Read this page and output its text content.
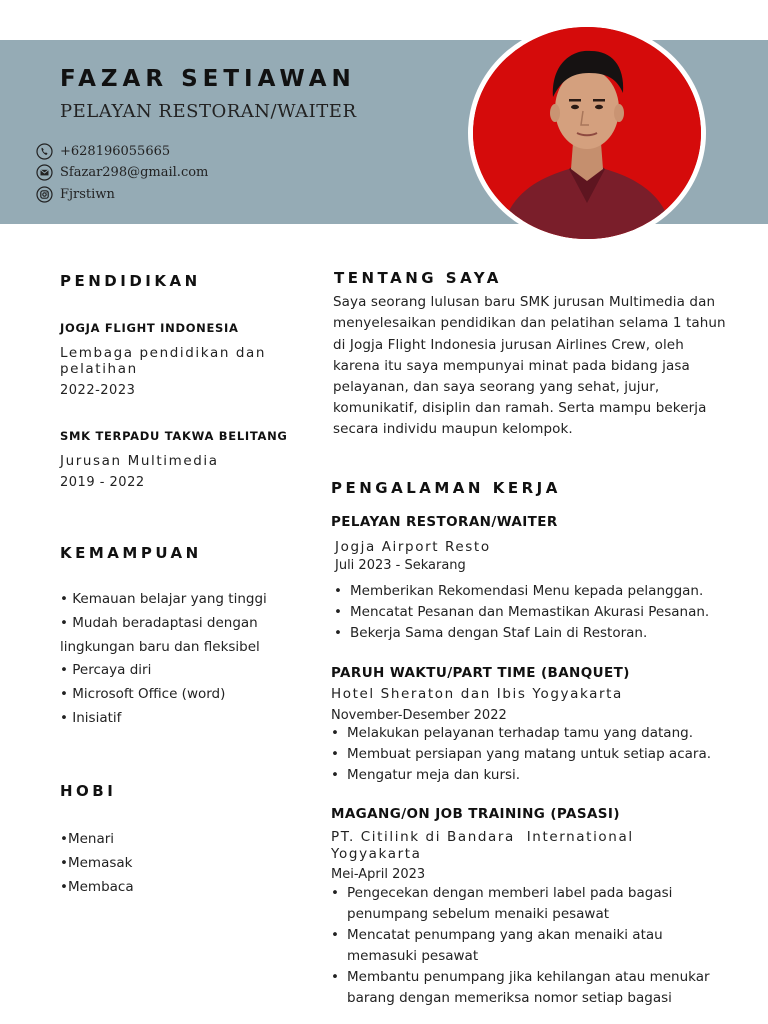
FAZAR SETIAWAN
PELAYAN RESTORAN/WAITER
+628196055665
Sfazar298@gmail.com
Fjrstiwn
PENDIDIKAN
JOGJA FLIGHT INDONESIA
Lembaga pendidikan dan pelatihan
2022-2023
SMK TERPADU TAKWA BELITANG
Jurusan Multimedia
2019 - 2022
KEMAMPUAN
• Kemauan belajar yang tinggi
• Mudah beradaptasi dengan
lingkungan baru dan fleksibel
• Percaya diri
• Microsoft Office (word)
• Inisiatif
HOBI
•Menari
•Memasak
•Membaca
TENTANG SAYA
Saya seorang lulusan baru SMK jurusan Multimedia dan
menyelesaikan pendidikan dan pelatihan selama 1 tahun
di Jogja Flight Indonesia jurusan Airlines Crew, oleh
karena itu saya mempunyai minat pada bidang jasa
pelayanan, dan saya seorang yang sehat, jujur,
komunikatif, disiplin dan ramah. Serta mampu bekerja
secara individu maupun kelompok.
PENGALAMAN KERJA
PELAYAN RESTORAN/WAITER
Jogja Airport Resto
Juli 2023 - Sekarang
• Memberikan Rekomendasi Menu kepada pelanggan.
• Mencatat Pesanan dan Memastikan Akurasi Pesanan.
• Bekerja Sama dengan Staf Lain di Restoran.
PARUH WAKTU/PART TIME (BANQUET)
Hotel Sheraton dan Ibis Yogyakarta
November-Desember 2022
• Melakukan pelayanan terhadap tamu yang datang.
• Membuat persiapan yang matang untuk setiap acara.
• Mengatur meja dan kursi.
MAGANG/ON JOB TRAINING (PASASI)
PT. Citilink di Bandara  International
Yogyakarta
Mei-April 2023
• Pengecekan dengan memberi label pada bagasi
penumpang sebelum menaiki pesawat
• Mencatat penumpang yang akan menaiki atau
memasuki pesawat
• Membantu penumpang jika kehilangan atau menukar
barang dengan memeriksa nomor setiap bagasi
